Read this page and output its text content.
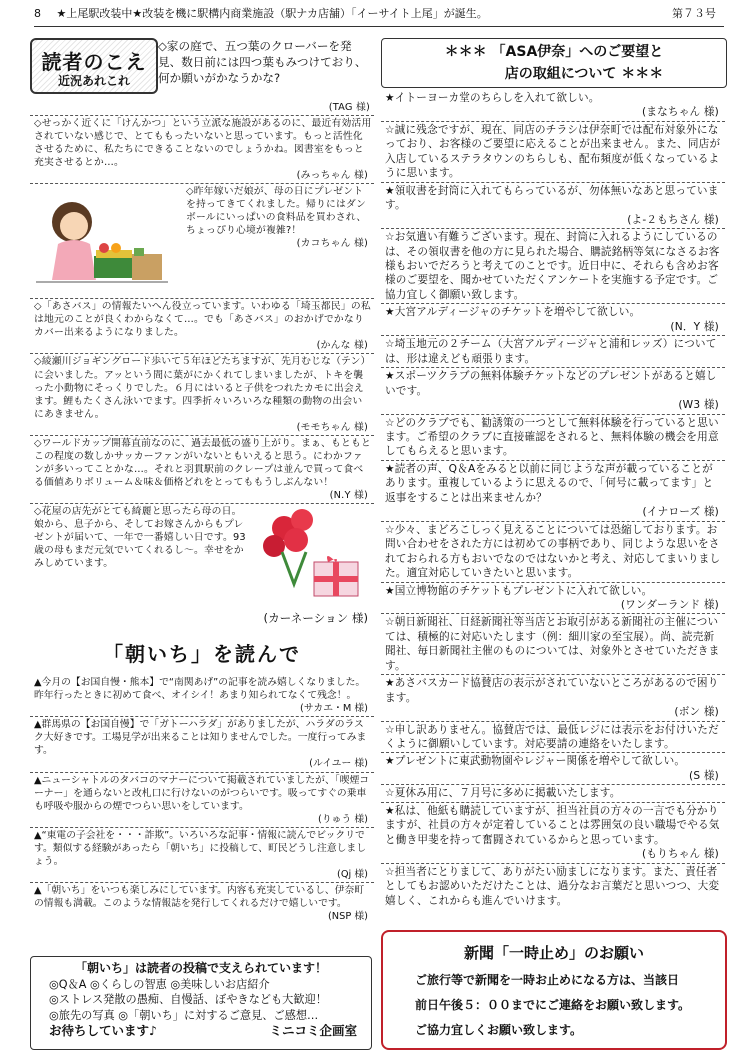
8 ★上尾駅改装中★改装を機に駅構内商業施設（駅ナカ店舗）「イーサイト上尾」が誕生。	第７３号
読者のこえ
近況あれこれ

◇家の庭で、五つ葉のクローバーを発見、数日前には四つ葉もみつけており、何か願いがかなうかな?

(TAG 様)

◇せっかく近くに「けんかつ」という立派な施設があるのに、最近有効活用されていない感じで、とてももったいないと思っています。もっと活性化させるために、私たちにできることないのでしょうかね。図書室をもっと充実させるとか…。

(みっちゃん 様)

◇昨年嫁いだ娘が、母の日にプレゼントを持ってきてくれました。帰りにはダンボールにいっぱいの食料品を買わされ、ちょっぴり心境が複雑?！

(カコちゃん 様)

◇「あさバス」の情報たいへん役立っています。いわゆる「埼玉都民」の私は地元のことが良くわからなくて…。でも「あさバス」のおかげでかなりカバー出来るようになりました。

(かんな 様)

◇綾瀬川ジョギングロード歩いて５年ほどたちますが、先月むじな（テン）に会いました。アッという間に葉がにかくれてしまいましたが、トキを襲った小動物にそっくりでした。６月にはいると子供をつれたカモに出会えます。鯉もたくさん泳いでます。四季折々いろいろな種類の動物の出会いにあきません。

(モモちゃん 様)

◇ワールドカップ開幕直前なのに、過去最低の盛り上がり。まぁ、もともとこの程度の数しかサッカーファンがいないともいえると思う。にわかファンが多いってことかな…。それと羽貫駅前のクレープは並んで買って食べる価値ありボリューム＆味＆価格どれをとってももうしぶんない！

(N.Y 様)

◇花屋の店先がとても綺麗と思ったら母の日。娘から、息子から、そしてお嫁さんからもプレゼントが届いて、一年で一番嬉しい日です。93歳の母もまだ元気でいてくれるし〜。幸せをかみしめています。

(カーネーション 様)
「朝いち」を読んで

▲今月の【お国自慢・熊本】で“南関あげ”の記事を読み嬉しくなりました。昨年行ったときに初めて食べ、オイシイ！あまり知られてなくて残念！。

(サカエ・M 様)

▲群馬県の【お国自慢】で「ガトーハラダ」がありましたが、ハラダのラスク大好きです。工場見学が出来ることは知りませんでした。一度行ってみます。

(ルイユー 様)

▲ニューシャトルのタバコのマナーについて掲載されていましたが、「喫煙コーナー」を通らないと改札口に行けないのがつらいです。吸ってすぐの乗車も呼吸や服からの煙でつらい思いをしています。

(りゅう 様)

▲“東電の子会社を・・・詐欺”。いろいろな記事・情報に読んでビックリです。類似する経験があったら「朝いち」に投稿して、町民どうし注意しましょう。

(Qj 様)

▲「朝いち」をいつも楽しみにしています。内容も充実しているし、伊奈町の情報も満載。このような情報誌を発行してくれるだけで嬉しいです。

(NSP 様)
「朝いち」は読者の投稿で支えられています！
◎Q＆A ◎くらしの智恵 ◎美味しいお店紹介
◎ストレス発散の愚痴、自慢話、ぼやきなども大歓迎！
◎旅先の写真 ◎「朝いち」に対するご意見、ご感想…
お待ちしています♪	ミニコミ企画室
＊＊＊ 「ASA伊奈」へのご要望と
店の取組について ＊＊＊

★イトーヨーカ堂のちらしを入れて欲しい。

(まなちゃん 様)

☆誠に残念ですが、現在、同店のチラシは伊奈町では配布対象外になっており、お客様のご要望に応えることが出来ません。また、同店が入店しているステラタウンのちらしも、配布頻度が低くなっているように思います。

★領収書を封筒に入れてもらっているが、勿体無いなあと思っています。

(よ-２もちさん 様)

☆お気遣い有難うございます。現在、封筒に入れるようにしているのは、その領収書を他の方に見られた場合、購読銘柄等気になさるお客様もおいでだろうと考えてのことです。近日中に、それらも含めお客様のご要望を、聞かせていただくアンケートを実施する予定です。ご協力宜しく御願い致します。

★大宮アルディージャのチケットを増やして欲しい。

(N．Y 様)

☆埼玉地元の２チーム（大宮アルディージャと浦和レッズ）については、形は違えども頑張ります。

★スポーツクラブの無料体験チケットなどのプレゼントがあると嬉しいです。

(W3 様)

☆どのクラブでも、勧誘策の一つとして無料体験を行っていると思います。ご希望のクラブに直接確認をされると、無料体験の機会を用意してもらえると思います。

★読者の声、Q＆Aをみると以前に同じような声が載っていることがあります。重複しているように思えるので、「何号に載ってます」と返事をすることは出来ませんか？

(イナローズ 様)

☆少々、まどろこしっく見えることについては恐縮しております。お問い合わせをされた方には初めての事柄であり、同じような思いをされておられる方もおいでなのではないかと考え、対応してまいりました。適宜対応していきたいと思います。

★国立博物館のチケットもプレゼントに入れて欲しい。

(ワンダーランド 様)

☆朝日新聞社、日経新聞社等当店とお取引がある新聞社の主催については、積極的に対応いたします（例：細川家の至宝展）。尚、読売新聞社、毎日新聞社主催のものについては、対象外とさせていただきます。

★あさバスカード協賛店の表示がされていないところがあるので困ります。

(ボン 様)

☆申し訳ありません。協賛店では、最低レジには表示をお付けいただくように御願いしています。対応要請の連絡をいたします。

★プレゼントに東武動物園やレジャー関係を増やして欲しい。

(S 様)

☆夏休み用に、７月号に多めに掲載いたします。

★私は、他紙も購読していますが、担当社員の方々の一言でも分かりますが、社員の方々が定着していることは雰囲気の良い職場でやる気と働き甲斐を持って奮闘されているからと思っています。

(もりちゃん 様)

☆担当者にとりまして、ありがたい励ましになります。また、責任者としてもお認めいただけたことは、過分なお言葉だと思いつつ、大変嬉しく、これからも進んでいけます。

新聞「一時止め」のお願い
ご旅行等で新聞を一時お止めになる方は、当該日
前日午後５：００までにご連絡をお願い致します。
ご協力宜しくお願い致します。
